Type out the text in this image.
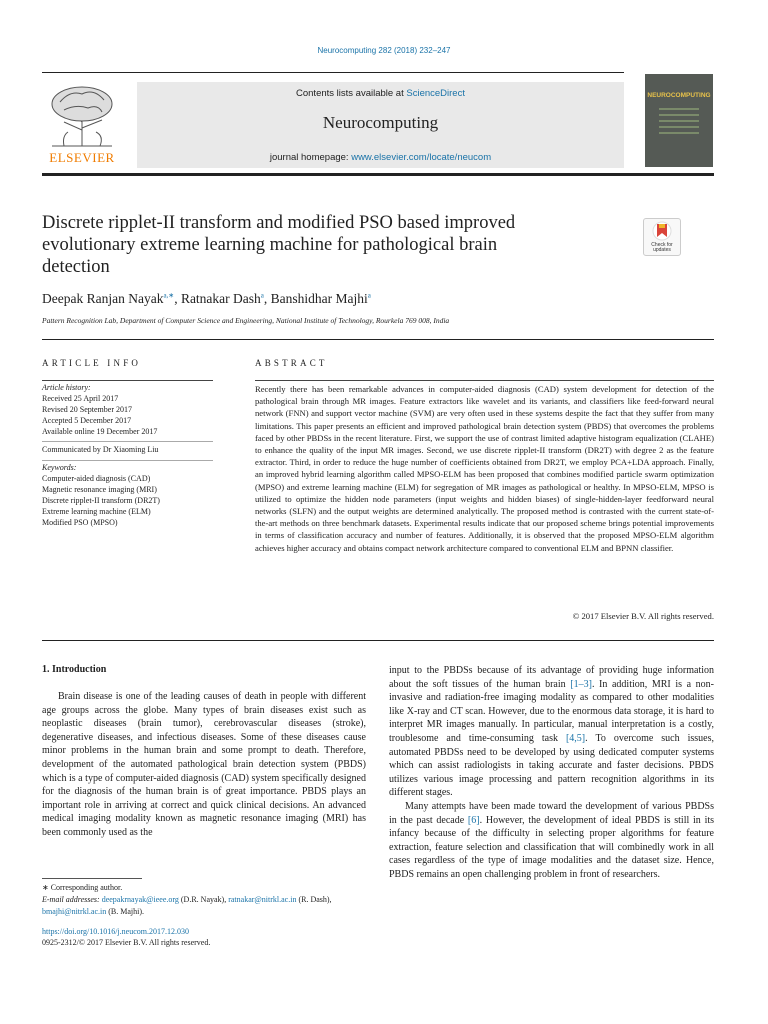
Neurocomputing 282 (2018) 232–247
ELSEVIER
Contents lists available at ScienceDirect
Neurocomputing
journal homepage: www.elsevier.com/locate/neucom
NEUROCOMPUTING
Discrete ripplet-II transform and modified PSO based improved
evolutionary extreme learning machine for pathological brain
detection
Check for updates
Deepak Ranjan Nayak$^{a,∗}$, Ratnakar Dash$^a$, Banshidhar Majhi$^a$
Pattern Recognition Lab, Department of Computer Science and Engineering, National Institute of Technology, Rourkela 769 008, India
ARTICLE INFO	ABSTRACT
Article history:
Received 25 April 2017
Revised 20 September 2017
Accepted 5 December 2017
Available online 19 December 2017
Communicated by Dr Xiaoming Liu
Keywords:
Computer-aided diagnosis (CAD)
Magnetic resonance imaging (MRI)
Discrete ripplet-II transform (DR2T)
Extreme learning machine (ELM)
Modified PSO (MPSO)
Recently there has been remarkable advances in computer-aided diagnosis (CAD) system development for detection of the pathological brain through MR images. Feature extractors like wavelet and its variants, and classifiers like feed-forward neural network (FNN) and support vector machine (SVM) are very often used in these systems despite the fact that they suffer from many limitations. This paper presents an efficient and improved pathological brain detection system (PBDS) that overcomes the problems faced by other PBDSs in the recent literature. First, we support the use of contrast limited adaptive histogram equalization (CLAHE) to enhance the quality of the input MR images. Second, we use discrete ripplet-II transform (DR2T) with degree 2 as the feature extractor. Third, in order to reduce the huge number of coefficients obtained from DR2T, we employ PCA+LDA approach. Finally, an improved hybrid learning algorithm called MPSO-ELM has been proposed that combines modified particle swarm optimization (MPSO) and extreme learning machine (ELM) for segregation of MR images as pathological or healthy. In MPSO-ELM, MPSO is utilized to optimize the hidden node parameters (input weights and hidden biases) of single-hidden-layer feedforward neural networks (SLFN) and the output weights are determined analytically. The proposed method is contrasted with the current state-of-the-art methods on three benchmark datasets. Experimental results indicate that our proposed scheme brings potential improvements in terms of classification accuracy and number of features. Additionally, it is observed that the proposed MPSO-ELM algorithm achieves higher accuracy and obtains compact network architecture compared to conventional ELM and BPNN classifier.
© 2017 Elsevier B.V. All rights reserved.
1. Introduction

Brain disease is one of the leading causes of death in people with different age groups across the globe. Many types of brain diseases exist such as neoplastic diseases (brain tumor), cerebrovascular diseases (stroke), degenerative diseases, and infectious diseases. Some of these diseases cause minor problems in the human brain and some prompt to death. Therefore, development of the automated pathological brain detection system (PBDS) which is a type of computer-aided diagnosis (CAD) system specifically designed for the diagnosis of the human brain is of great importance. PBDS plays an important role in arriving at correct and quick clinical decisions. An advanced medical imaging modality known as magnetic resonance imaging (MRI) has been commonly used as the

input to the PBDSs because of its advantage of providing huge information about the soft tissues of the human brain [1–3]. In addition, MRI is a non-invasive and radiation-free imaging modality as compared to other modalities like X-ray and CT scan. However, due to the enormous data storage, it is hard to interpret MR images manually. In particular, manual interpretation is a costly, troublesome and time-consuming task [4,5]. To overcome such issues, automated PBDSs need to be developed by using dedicated computer systems which can assist radiologists in taking accurate and faster decisions. PBDS utilizes various image processing and pattern recognition algorithms in its different stages.

Many attempts have been made toward the development of various PBDSs in the past decade [6]. However, the development of ideal PBDS is still in its infancy because of the difficulty in selecting proper algorithms for feature extraction, feature selection and classification that will combinedly work in all cases regardless of the type of image modalities and the dataset size. Hence, PBDS remains an open challenging problem in front of researchers.

∗ Corresponding author.
E-mail addresses: deepakrnayak@ieee.org (D.R. Nayak), ratnakar@nitrkl.ac.in (R. Dash), bmajhi@nitrkl.ac.in (B. Majhi).
https://doi.org/10.1016/j.neucom.2017.12.030
0925-2312/© 2017 Elsevier B.V. All rights reserved.
